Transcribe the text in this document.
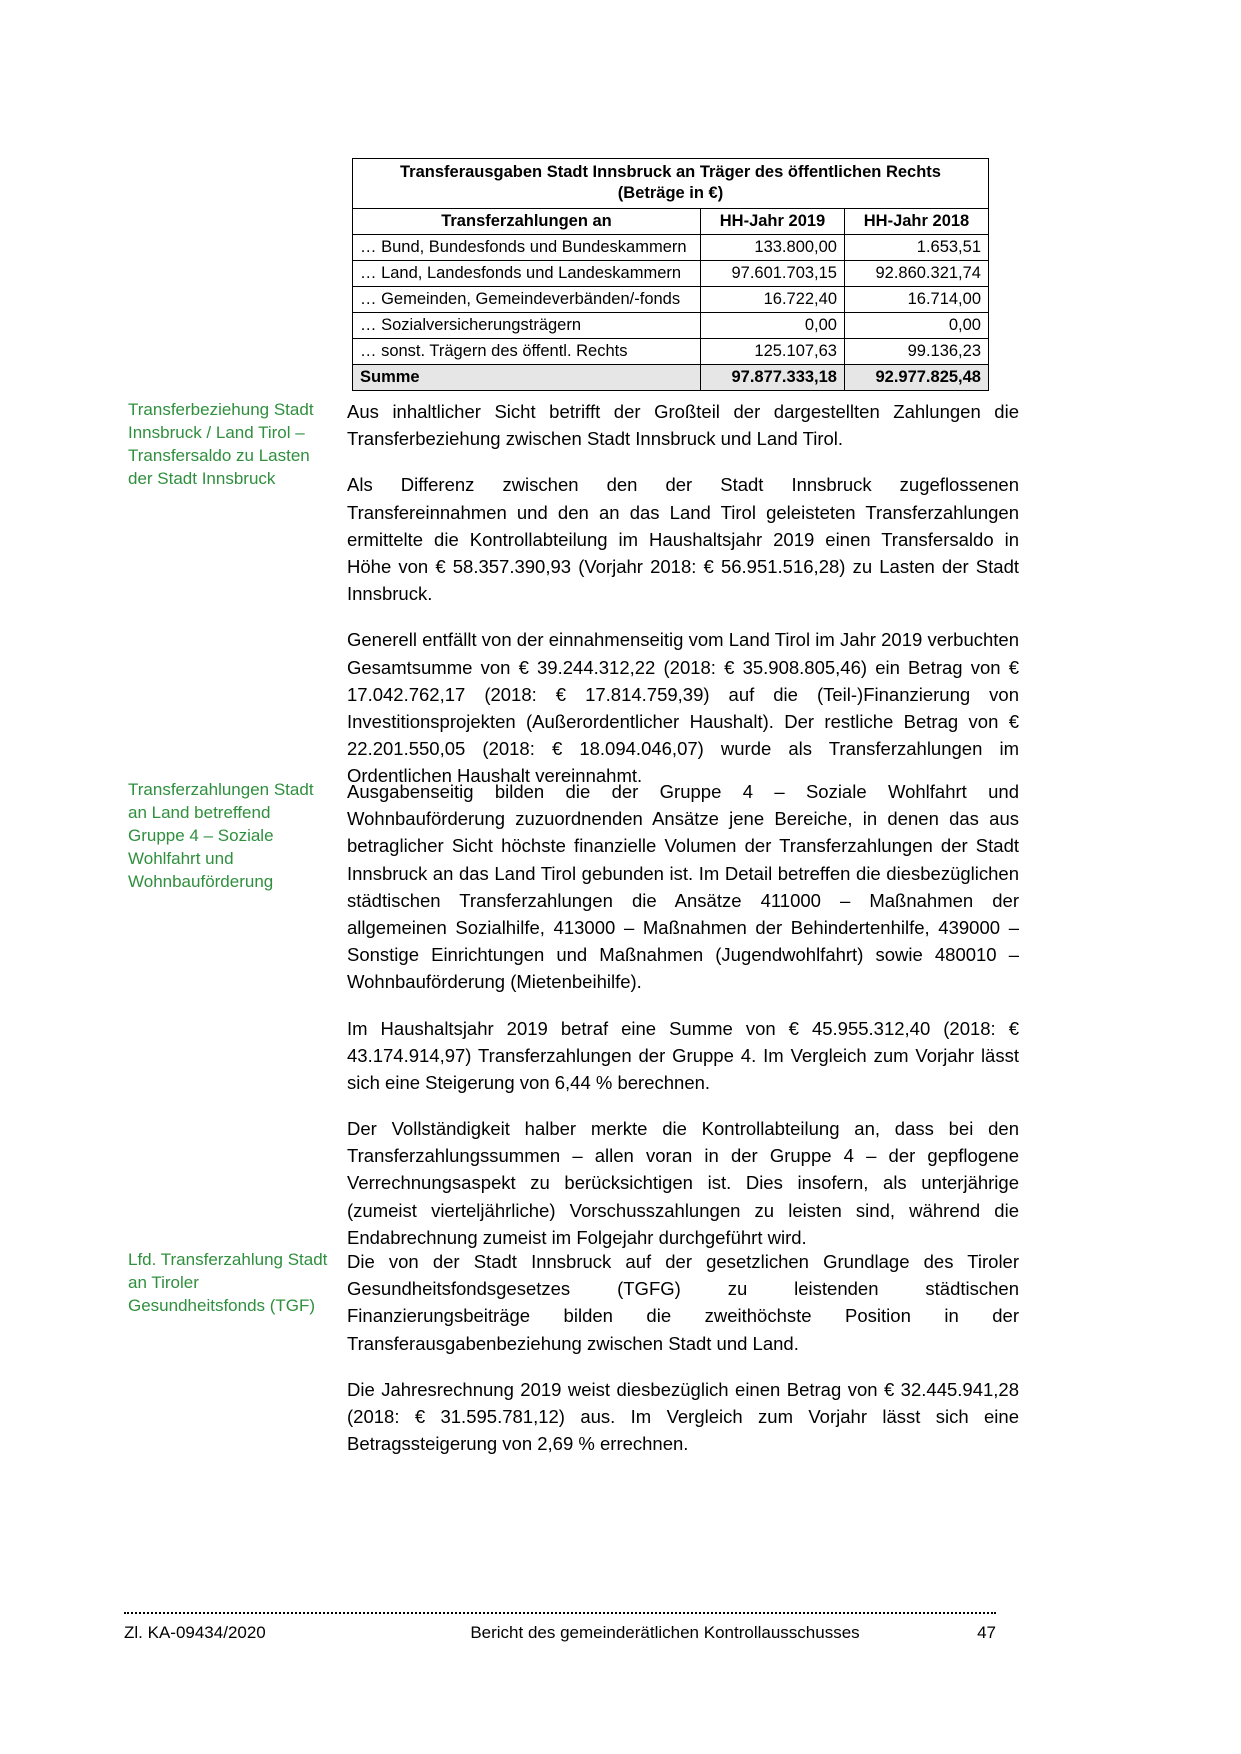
Transferausgaben Stadt Innsbruck an Träger des öffentlichen Rechts
(Beträge in €)		
Transferzahlungen an	HH-Jahr 2019	HH-Jahr 2018
… Bund, Bundesfonds und Bundeskammern	133.800,00	1.653,51
… Land, Landesfonds und Landeskammern	97.601.703,15	92.860.321,74
… Gemeinden, Gemeindeverbänden/-fonds	16.722,40	16.714,00
… Sozialversicherungsträgern	0,00	0,00
… sonst. Trägern des öffentl. Rechts	125.107,63	99.136,23
Summe	97.877.333,18	92.977.825,48
Transferbeziehung Stadt Innsbruck / Land Tirol – Transfersaldo zu Lasten der Stadt Innsbruck
Transferzahlungen Stadt an Land betreffend Gruppe 4 – Soziale Wohlfahrt und Wohnbauförderung
Lfd. Transferzahlung Stadt an Tiroler Gesundheitsfonds (TGF)

Aus inhaltlicher Sicht betrifft der Großteil der dargestellten Zahlungen die Transferbeziehung zwischen Stadt Innsbruck und Land Tirol.

Als Differenz zwischen den der Stadt Innsbruck zugeflossenen Transfereinnahmen und den an das Land Tirol geleisteten Transferzahlungen ermittelte die Kontrollabteilung im Haushaltsjahr 2019 einen Transfersaldo in Höhe von € 58.357.390,93 (Vorjahr 2018: € 56.951.516,28) zu Lasten der Stadt Innsbruck.

Generell entfällt von der einnahmenseitig vom Land Tirol im Jahr 2019 verbuchten Gesamtsumme von € 39.244.312,22 (2018: € 35.908.805,46) ein Betrag von € 17.042.762,17 (2018: € 17.814.759,39) auf die (Teil-)Finanzierung von Investitionsprojekten (Außerordentlicher Haushalt). Der restliche Betrag von € 22.201.550,05 (2018: € 18.094.046,07) wurde als Transferzahlungen im Ordentlichen Haushalt vereinnahmt.

Ausgabenseitig bilden die der Gruppe 4 – Soziale Wohlfahrt und Wohnbauförderung zuzuordnenden Ansätze jene Bereiche, in denen das aus betraglicher Sicht höchste finanzielle Volumen der Transferzahlungen der Stadt Innsbruck an das Land Tirol gebunden ist. Im Detail betreffen die diesbezüglichen städtischen Transferzahlungen die Ansätze 411000 – Maßnahmen der allgemeinen Sozialhilfe, 413000 – Maßnahmen der Behindertenhilfe, 439000 – Sonstige Einrichtungen und Maßnahmen (Jugendwohlfahrt) sowie 480010 – Wohnbauförderung (Mietenbeihilfe).

Im Haushaltsjahr 2019 betraf eine Summe von € 45.955.312,40 (2018: € 43.174.914,97) Transferzahlungen der Gruppe 4. Im Vergleich zum Vorjahr lässt sich eine Steigerung von 6,44 % berechnen.

Der Vollständigkeit halber merkte die Kontrollabteilung an, dass bei den Transferzahlungssummen – allen voran in der Gruppe 4 – der gepflogene Verrechnungsaspekt zu berücksichtigen ist. Dies insofern, als unterjährige (zumeist vierteljährliche) Vorschusszahlungen zu leisten sind, während die Endabrechnung zumeist im Folgejahr durchgeführt wird.

Die von der Stadt Innsbruck auf der gesetzlichen Grundlage des Tiroler Gesundheitsfondsgesetzes (TGFG) zu leistenden städtischen Finanzierungsbeiträge bilden die zweithöchste Position in der Transferausgabenbeziehung zwischen Stadt und Land.

Die Jahresrechnung 2019 weist diesbezüglich einen Betrag von € 32.445.941,28 (2018: € 31.595.781,12) aus. Im Vergleich zum Vorjahr lässt sich eine Betragssteigerung von 2,69 % errechnen.

Zl. KA-09434/2020	Bericht des gemeinderätlichen Kontrollausschusses	47
